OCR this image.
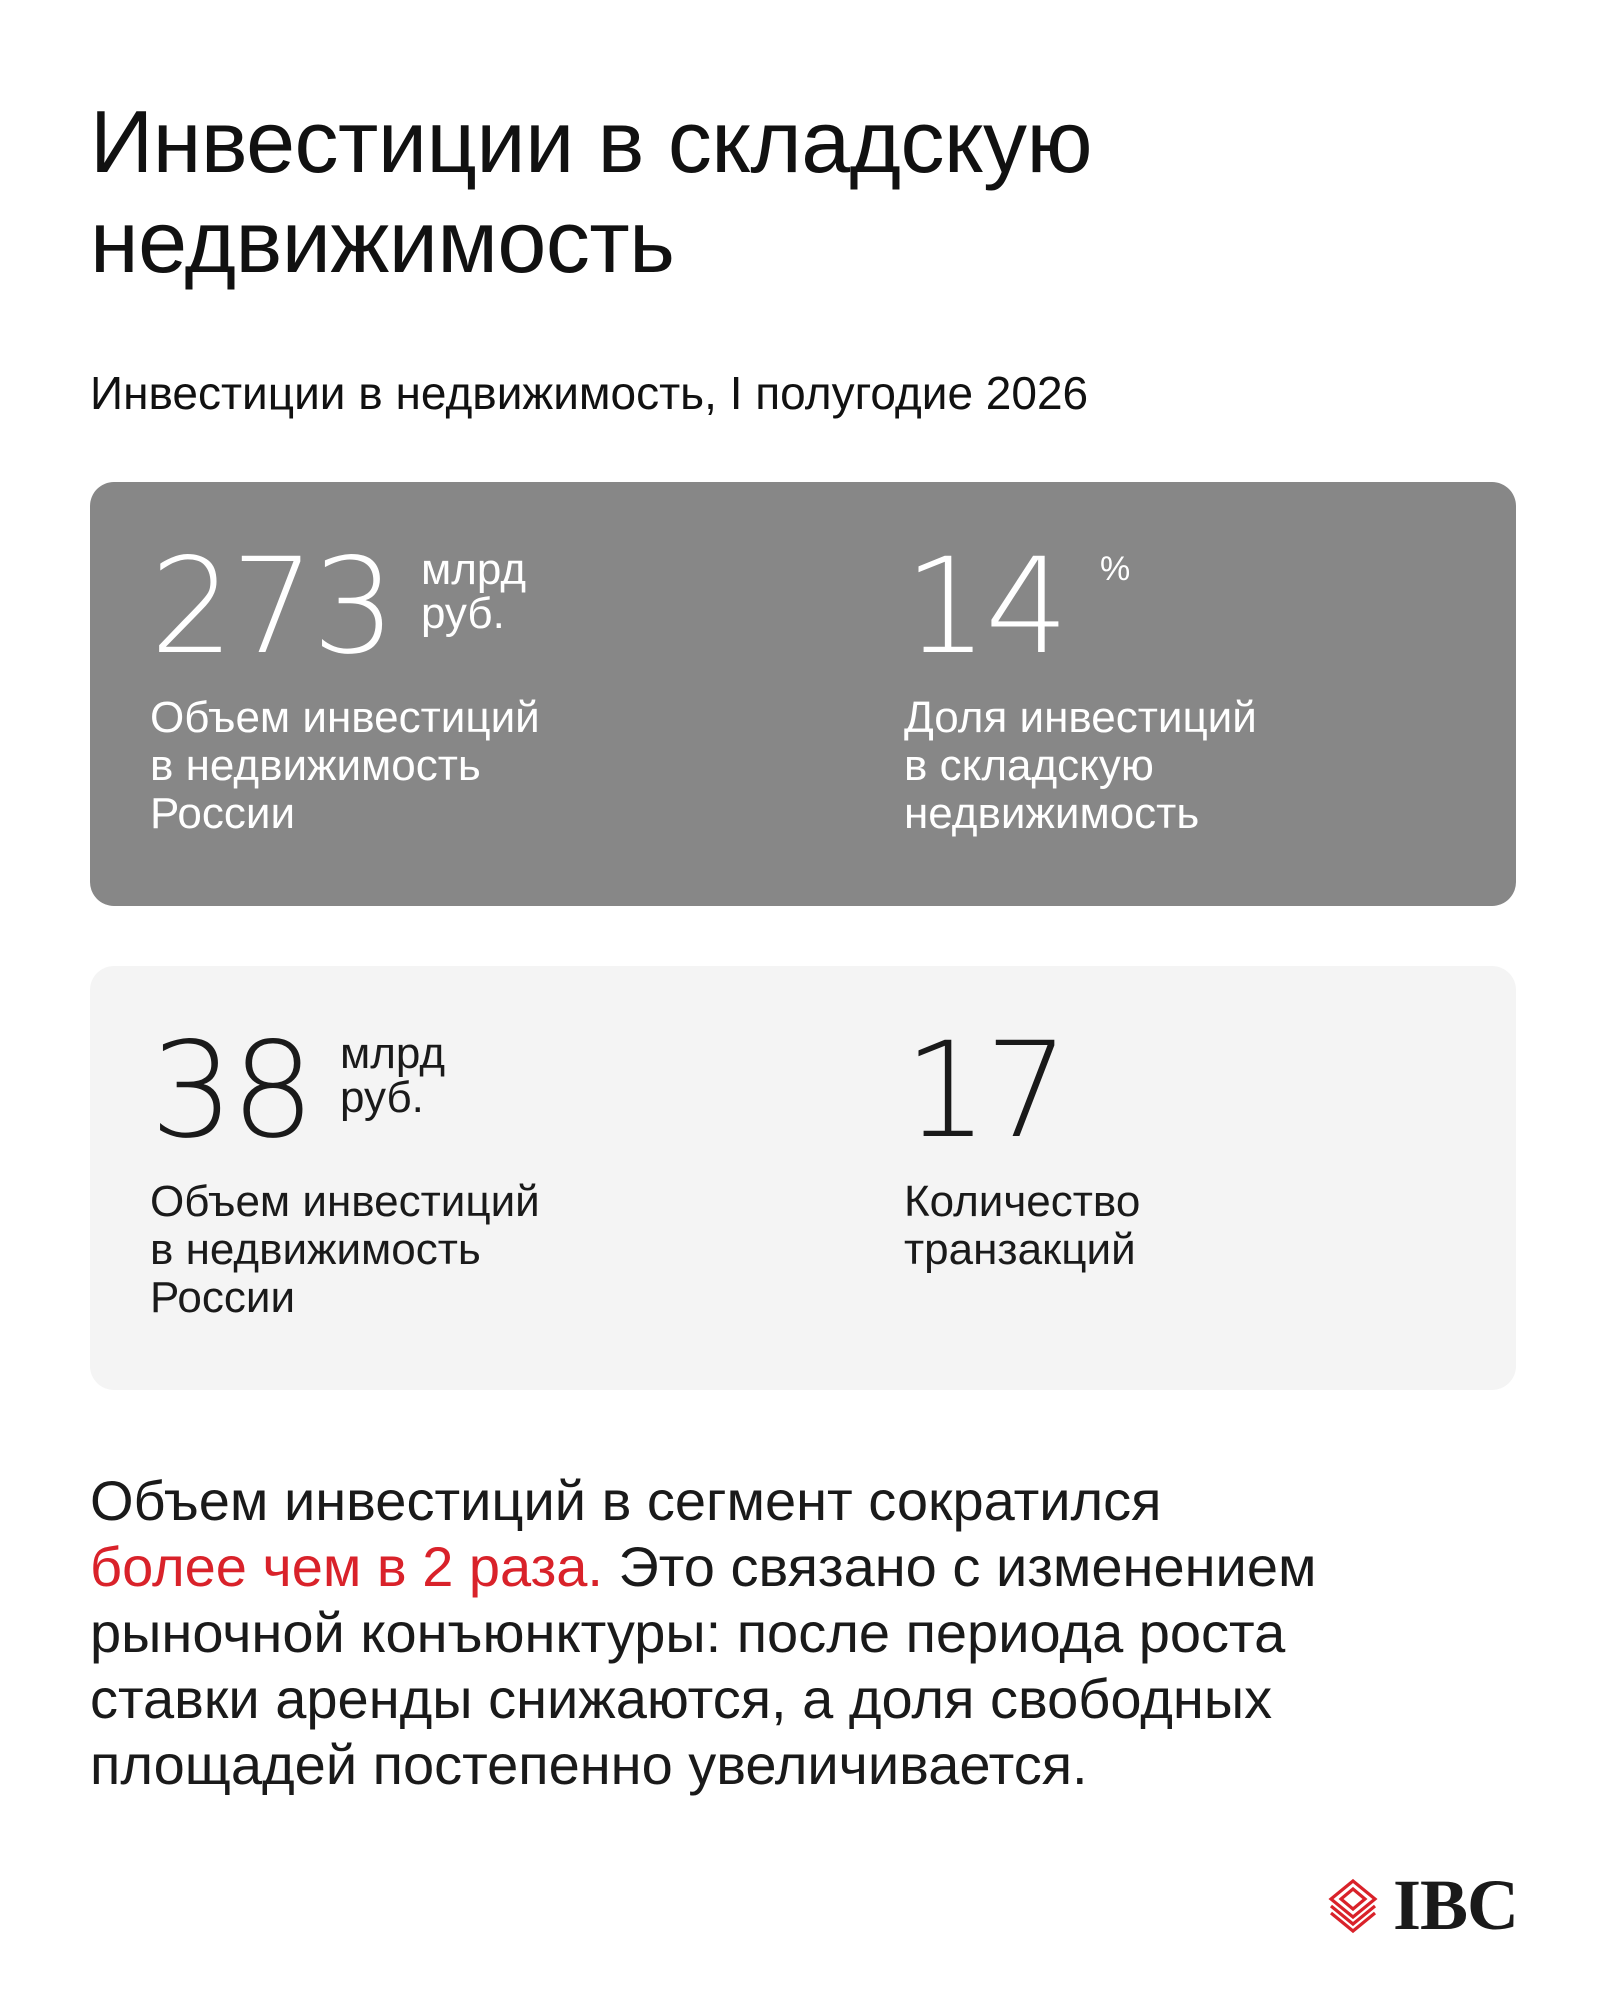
Инвестиции в складскую
недвижимость
Инвестиции в недвижимость, I полугодие 2026
273 млрд
руб.
Объем инвестиций
в недвижимость
России
14 %
Доля инвестиций
в складскую
недвижимость
38 млрд
руб.
Объем инвестиций
в недвижимость
России
17
Количество
транзакций
Объем инвестиций в сегмент сократился
более чем в 2 раза. Это связано с изменением
рыночной конъюнктуры: после периода роста
ставки аренды снижаются, а доля свободных
площадей постепенно увеличивается.
IBC
